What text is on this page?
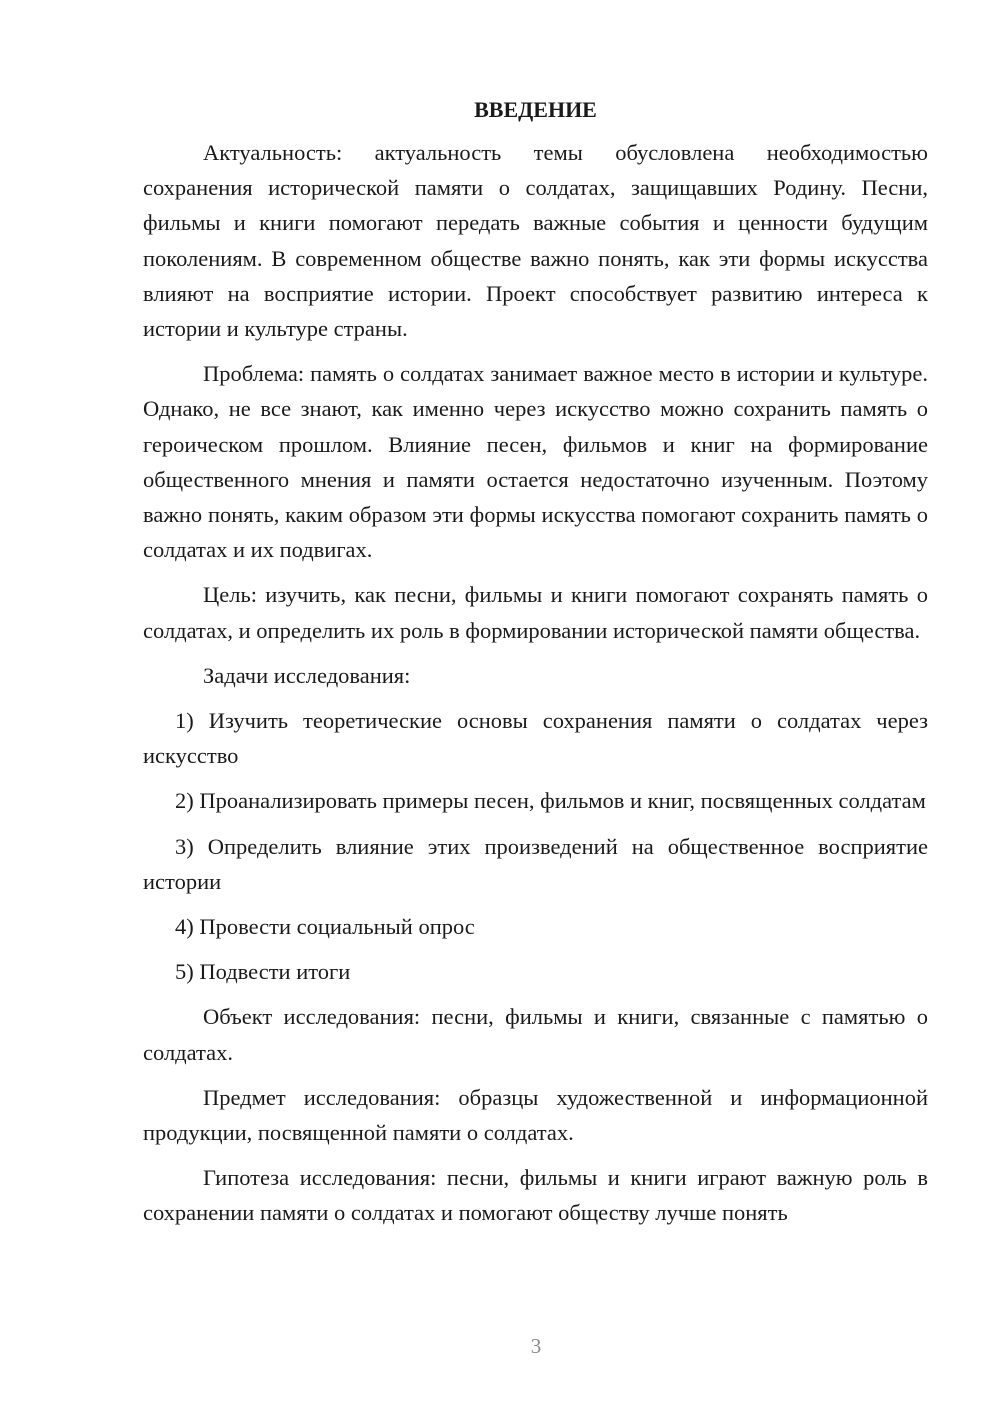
ВВЕДЕНИЕ

Актуальность: актуальность темы обусловлена необходимостью сохранения исторической памяти о солдатах, защищавших Родину. Песни, фильмы и книги помогают передать важные события и ценности будущим поколениям. В современном обществе важно понять, как эти формы искусства влияют на восприятие истории. Проект способствует развитию интереса к истории и культуре страны.

Проблема: память о солдатах занимает важное место в истории и культуре. Однако, не все знают, как именно через искусство можно сохранить память о героическом прошлом. Влияние песен, фильмов и книг на формирование общественного мнения и памяти остается недостаточно изученным. Поэтому важно понять, каким образом эти формы искусства помогают сохранить память о солдатах и их подвигах.

Цель: изучить, как песни, фильмы и книги помогают сохранять память о солдатах, и определить их роль в формировании исторической памяти общества.

Задачи исследования:

1) Изучить теоретические основы сохранения памяти о солдатах через искусство

2) Проанализировать примеры песен, фильмов и книг, посвященных солдатам

3) Определить влияние этих произведений на общественное восприятие истории

4) Провести социальный опрос

5) Подвести итоги

Объект исследования: песни, фильмы и книги, связанные с памятью о солдатах.

Предмет исследования: образцы художественной и информационной продукции, посвященной памяти о солдатах.

Гипотеза исследования: песни, фильмы и книги играют важную роль в сохранении памяти о солдатах и помогают обществу лучше понять

3
